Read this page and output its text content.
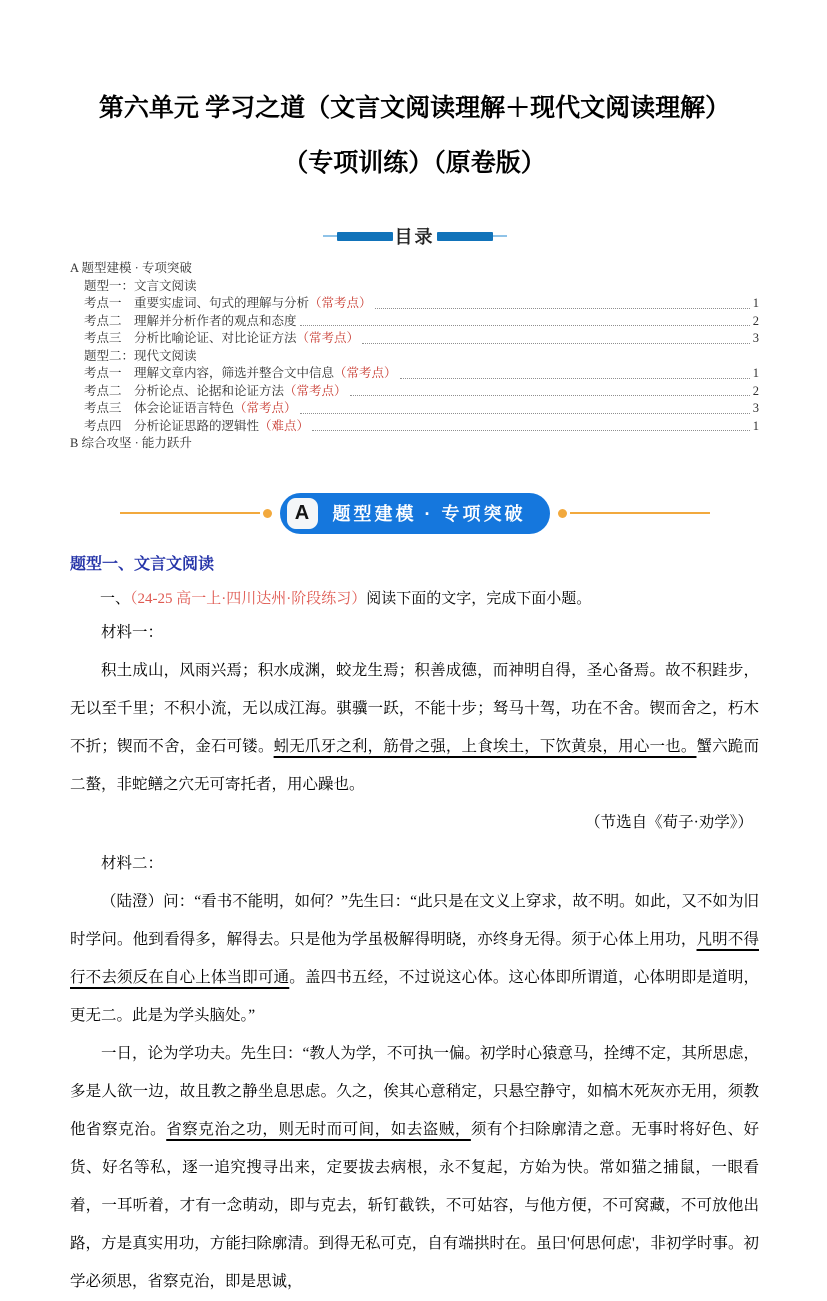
第六单元 学习之道（文言文阅读理解＋现代文阅读理解）
（专项训练）（原卷版）
目录
A 题型建模 · 专项突破
题型一：文言文阅读
考点一　重要实虚词、句式的理解与分析 （常考点）	1
考点二　理解并分析作者的观点和态度	2
考点三　分析比喻论证、对比论证方法 （常考点）	3
题型二：现代文阅读
考点一　理解文章内容，筛选并整合文中信息 （常考点）	1
考点二　分析论点、论据和论证方法 （常考点）	2
考点三　体会论证语言特色 （常考点）	3
考点四　分析论证思路的逻辑性 （难点）	1
B 综合攻坚 · 能力跃升
A	题型建模 · 专项突破
题型一、文言文阅读
一、（24-25 高一上·四川达州·阶段练习）阅读下面的文字，完成下面小题。
材料一：
积土成山，风雨兴焉；积水成渊，蛟龙生焉；积善成德，而神明自得，圣心备焉。故不积跬步，无以至千里；不积小流，无以成江海。骐骥一跃，不能十步；驽马十驾，功在不舍。锲而舍之，朽木不折；锲而不舍，金石可镂。蚓无爪牙之利，筋骨之强，上食埃土，下饮黄泉，用心一也。蟹六跪而二螯，非蛇鳝之穴无可寄托者，用心躁也。
（节选自《荀子·劝学》）
材料二：
（陆澄）问：“看书不能明，如何？”先生曰：“此只是在文义上穿求，故不明。如此，又不如为旧时学问。他到看得多，解得去。只是他为学虽极解得明晓，亦终身无得。须于心体上用功，凡明不得行不去须反在自心上体当即可通。盖四书五经，不过说这心体。这心体即所谓道，心体明即是道明，更无二。此是为学头脑处。”
一日，论为学功夫。先生曰：“教人为学，不可执一偏。初学时心猿意马，拴缚不定，其所思虑，多是人欲一边，故且教之静坐息思虑。久之，俟其心意稍定，只悬空静守，如槁木死灰亦无用，须教他省察克治。省察克治之功，则无时而可间，如去盗贼，须有个扫除廓清之意。无事时将好色、好货、好名等私，逐一追究搜寻出来，定要拔去病根，永不复起，方始为快。常如猫之捕鼠，一眼看着，一耳听着，才有一念萌动，即与克去，斩钉截铁，不可姑容，与他方便，不可窝藏，不可放他出路，方是真实用功，方能扫除廓清。到得无私可克，自有端拱时在。虽曰'何思何虑'，非初学时事。初学必须思，省察克治，即是思诚，
